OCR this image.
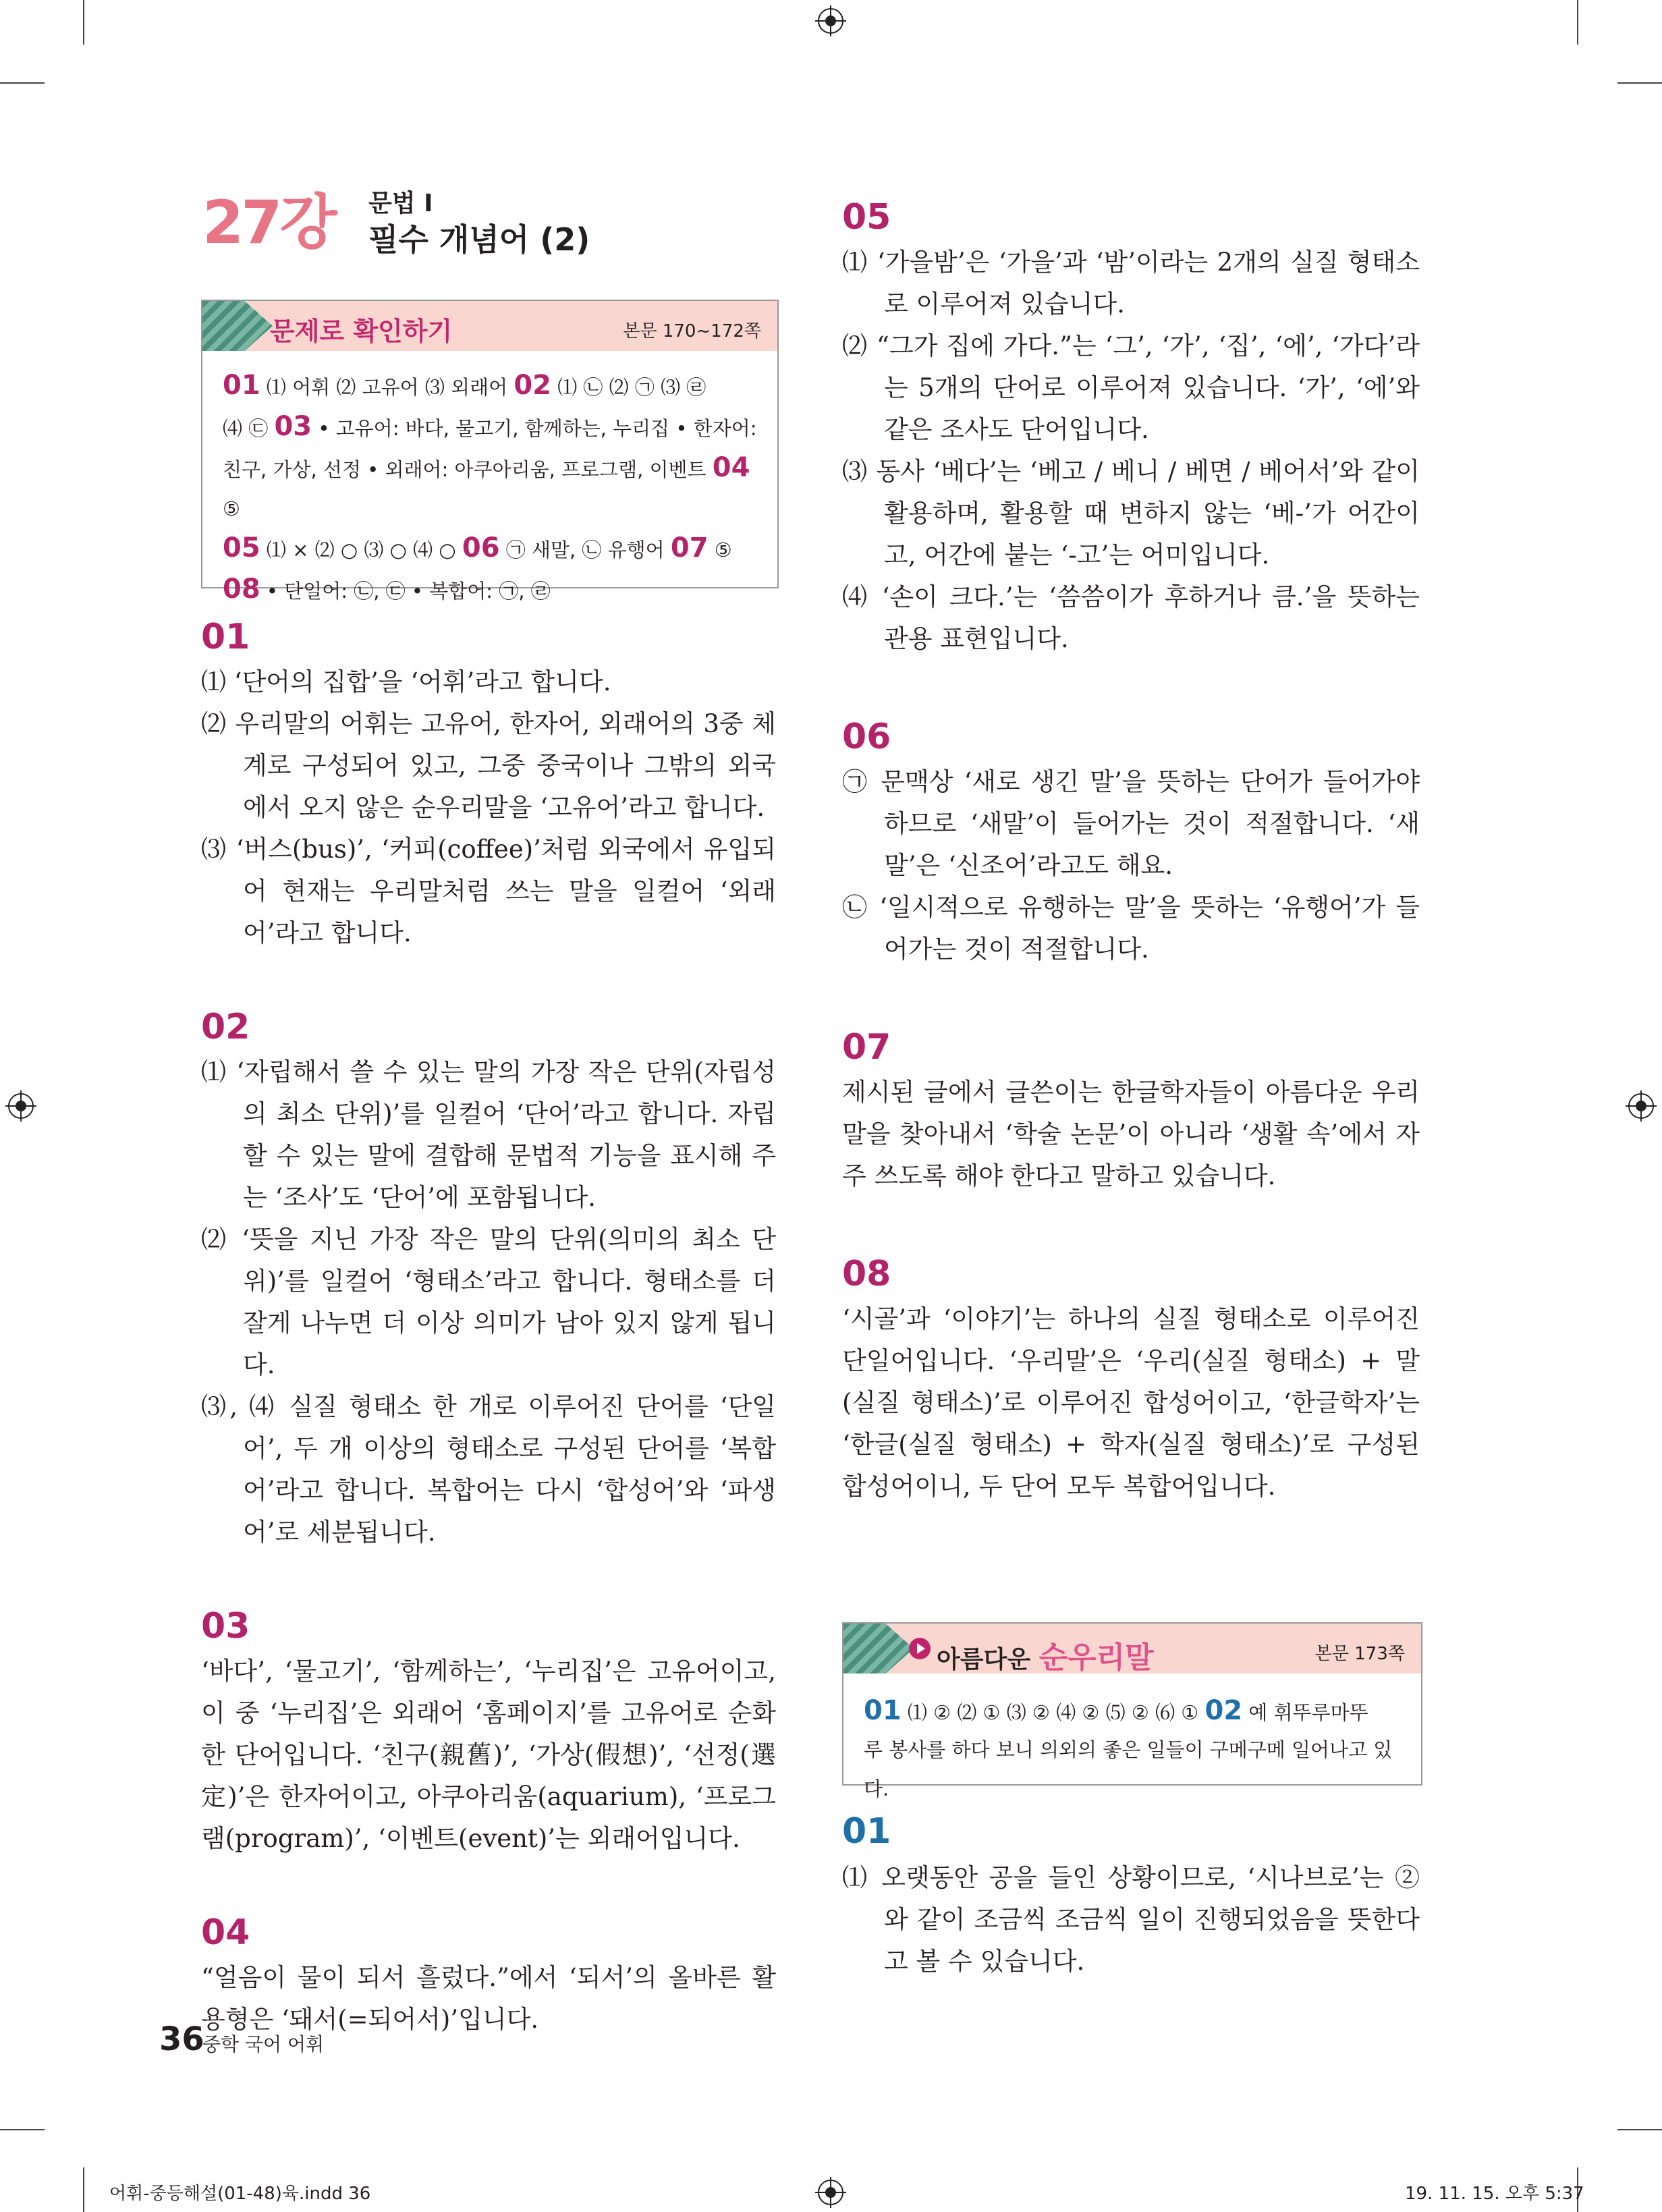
27강 문법 Ⅰ
필수 개념어 (2)
문제로 확인하기	본문 170~172쪽
01 ⑴ 어휘 ⑵ 고유어 ⑶ 외래어 02 ⑴ ㉡ ⑵ ㉠ ⑶ ㉣
⑷ ㉢ 03 • 고유어: 바다, 물고기, 함께하는, 누리집 • 한자어:
친구, 가상, 선정 • 외래어: 아쿠아리움, 프로그램, 이벤트 04 ⑤
05 ⑴ × ⑵ ○ ⑶ ○ ⑷ ○ 06 ㉠ 새말, ㉡ 유행어 07 ⑤
08 • 단일어: ㉡, ㉢ • 복합어: ㉠, ㉣
01
⑴ ‘단어의 집합’을 ‘어휘’라고 합니다.
⑵ 우리말의 어휘는 고유어, 한자어, 외래어의 3중 체계로 구성되어 있고, 그중 중국이나 그밖의 외국에서 오지 않은 순우리말을 ‘고유어’라고 합니다.
⑶ ‘버스(bus)’, ‘커피(coffee)’처럼 외국에서 유입되어 현재는 우리말처럼 쓰는 말을 일컬어 ‘외래어’라고 합니다.
02
⑴ ‘자립해서 쓸 수 있는 말의 가장 작은 단위(자립성의 최소 단위)’를 일컬어 ‘단어’라고 합니다. 자립할 수 있는 말에 결합해 문법적 기능을 표시해 주는 ‘조사’도 ‘단어’에 포함됩니다.
⑵ ‘뜻을 지닌 가장 작은 말의 단위(의미의 최소 단위)’를 일컬어 ‘형태소’라고 합니다. 형태소를 더 잘게 나누면 더 이상 의미가 남아 있지 않게 됩니다.
⑶, ⑷ 실질 형태소 한 개로 이루어진 단어를 ‘단일어’, 두 개 이상의 형태소로 구성된 단어를 ‘복합어’라고 합니다. 복합어는 다시 ‘합성어’와 ‘파생어’로 세분됩니다.
03
‘바다’, ‘물고기’, ‘함께하는’, ‘누리집’은 고유어이고, 이 중 ‘누리집’은 외래어 ‘홈페이지’를 고유어로 순화한 단어입니다. ‘친구(親舊)’, ‘가상(假想)’, ‘선정(選定)’은 한자어이고, 아쿠아리움(aquarium), ‘프로그램(program)’, ‘이벤트(event)’는 외래어입니다.
04
“얼음이 물이 되서 흘렀다.”에서 ‘되서’의 올바른 활용형은 ‘돼서(=되어서)’입니다.
05
⑴ ‘가을밤’은 ‘가을’과 ‘밤’이라는 2개의 실질 형태소로 이루어져 있습니다.
⑵ “그가 집에 가다.”는 ‘그’, ‘가’, ‘집’, ‘에’, ‘가다’라는 5개의 단어로 이루어져 있습니다. ‘가’, ‘에’와 같은 조사도 단어입니다.
⑶ 동사 ‘베다’는 ‘베고 / 베니 / 베면 / 베어서’와 같이 활용하며, 활용할 때 변하지 않는 ‘베-’가 어간이고, 어간에 붙는 ‘-고’는 어미입니다.
⑷ ‘손이 크다.’는 ‘씀씀이가 후하거나 큼.’을 뜻하는 관용 표현입니다.
06
㉠ 문맥상 ‘새로 생긴 말’을 뜻하는 단어가 들어가야 하므로 ‘새말’이 들어가는 것이 적절합니다. ‘새말’은 ‘신조어’라고도 해요.
㉡ ‘일시적으로 유행하는 말’을 뜻하는 ‘유행어’가 들어가는 것이 적절합니다.
07
제시된 글에서 글쓴이는 한글학자들이 아름다운 우리말을 찾아내서 ‘학술 논문’이 아니라 ‘생활 속’에서 자주 쓰도록 해야 한다고 말하고 있습니다.
08
‘시골’과 ‘이야기’는 하나의 실질 형태소로 이루어진 단일어입니다. ‘우리말’은 ‘우리(실질 형태소) + 말(실질 형태소)’로 이루어진 합성어이고, ‘한글학자’는 ‘한글(실질 형태소) + 학자(실질 형태소)’로 구성된 합성어이니, 두 단어 모두 복합어입니다.
아름다운 순우리말	본문 173쪽
01 ⑴ ② ⑵ ① ⑶ ② ⑷ ② ⑸ ② ⑹ ① 02 예 휘뚜루마뚜
루 봉사를 하다 보니 의외의 좋은 일들이 구메구메 일어나고 있다.
01
⑴ 오랫동안 공을 들인 상황이므로, ‘시나브로’는 ②와 같이 조금씩 조금씩 일이 진행되었음을 뜻한다고 볼 수 있습니다.
36
중학 국어 어휘
어휘-중등해설(01-48)육.indd 36	19. 11. 15. 오후 5:37
